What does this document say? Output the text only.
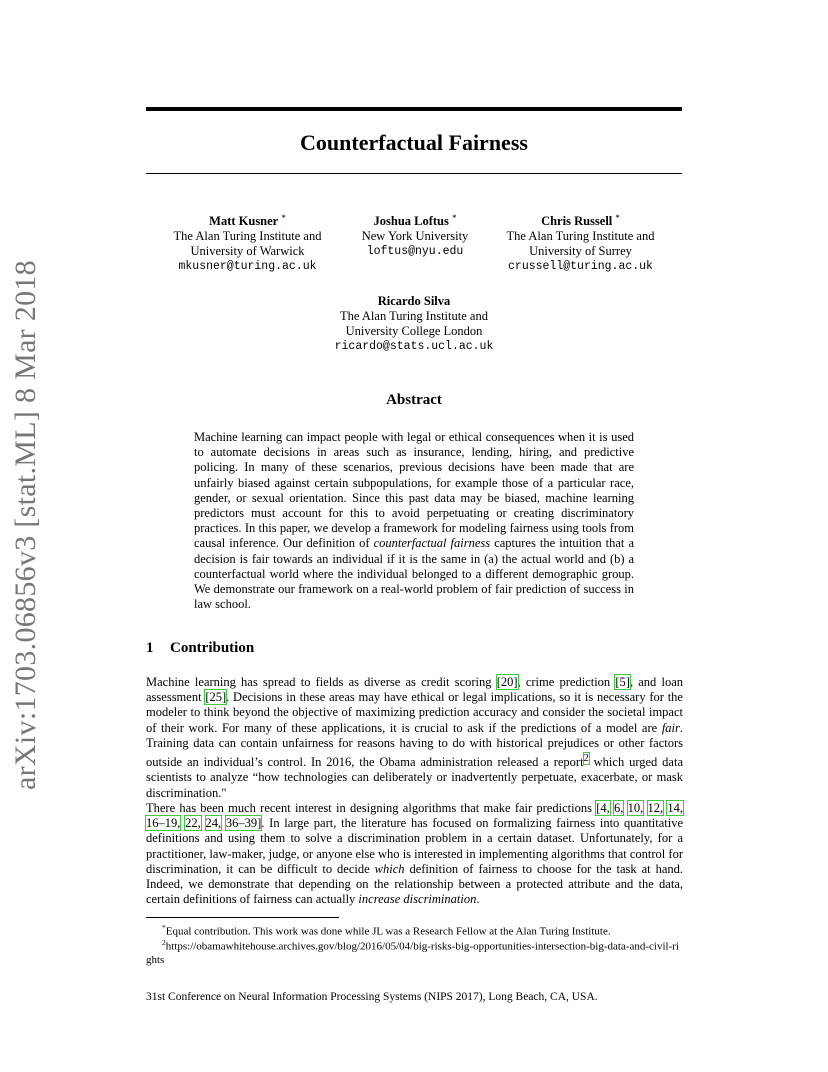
arXiv:1703.06856v3 [stat.ML] 8 Mar 2018
Counterfactual Fairness
Matt Kusner *
The Alan Turing Institute and
University of Warwick
mkusner@turing.ac.uk
Joshua Loftus *
New York University
loftus@nyu.edu
Chris Russell *
The Alan Turing Institute and
University of Surrey
crussell@turing.ac.uk
Ricardo Silva
The Alan Turing Institute and
University College London
ricardo@stats.ucl.ac.uk
Abstract

Machine learning can impact people with legal or ethical consequences when it is used to automate decisions in areas such as insurance, lending, hiring, and predictive policing. In many of these scenarios, previous decisions have been made that are unfairly biased against certain subpopulations, for example those of a particular race, gender, or sexual orientation. Since this past data may be biased, machine learning predictors must account for this to avoid perpetuating or creating discriminatory practices. In this paper, we develop a framework for modeling fairness using tools from causal inference. Our definition of counterfactual fairness captures the intuition that a decision is fair towards an individual if it is the same in (a) the actual world and (b) a counterfactual world where the individual belonged to a different demographic group. We demonstrate our framework on a real-world problem of fair prediction of success in law school.

1 Contribution

Machine learning has spread to fields as diverse as credit scoring [20], crime prediction [5], and loan assessment [25]. Decisions in these areas may have ethical or legal implications, so it is necessary for the modeler to think beyond the objective of maximizing prediction accuracy and consider the societal impact of their work. For many of these applications, it is crucial to ask if the predictions of a model are fair. Training data can contain unfairness for reasons having to do with historical prejudices or other factors outside an individual’s control. In 2016, the Obama administration released a report$^2$ which urged data scientists to analyze “how technologies can deliberately or inadvertently perpetuate, exacerbate, or mask discrimination."

There has been much recent interest in designing algorithms that make fair predictions [4, 6, 10, 12, 14, 16–19, 22, 24, 36–39]. In large part, the literature has focused on formalizing fairness into quantitative definitions and using them to solve a discrimination problem in a certain dataset. Unfortunately, for a practitioner, law-maker, judge, or anyone else who is interested in implementing algorithms that control for discrimination, it can be difficult to decide which definition of fairness to choose for the task at hand. Indeed, we demonstrate that depending on the relationship between a protected attribute and the data, certain definitions of fairness can actually increase discrimination.

*Equal contribution. This work was done while JL was a Research Fellow at the Alan Turing Institute.

$^2$https://obamawhitehouse.archives.gov/blog/2016/05/04/big-risks-big-opportunities-intersection-big-data-and-civil-rights

31st Conference on Neural Information Processing Systems (NIPS 2017), Long Beach, CA, USA.
